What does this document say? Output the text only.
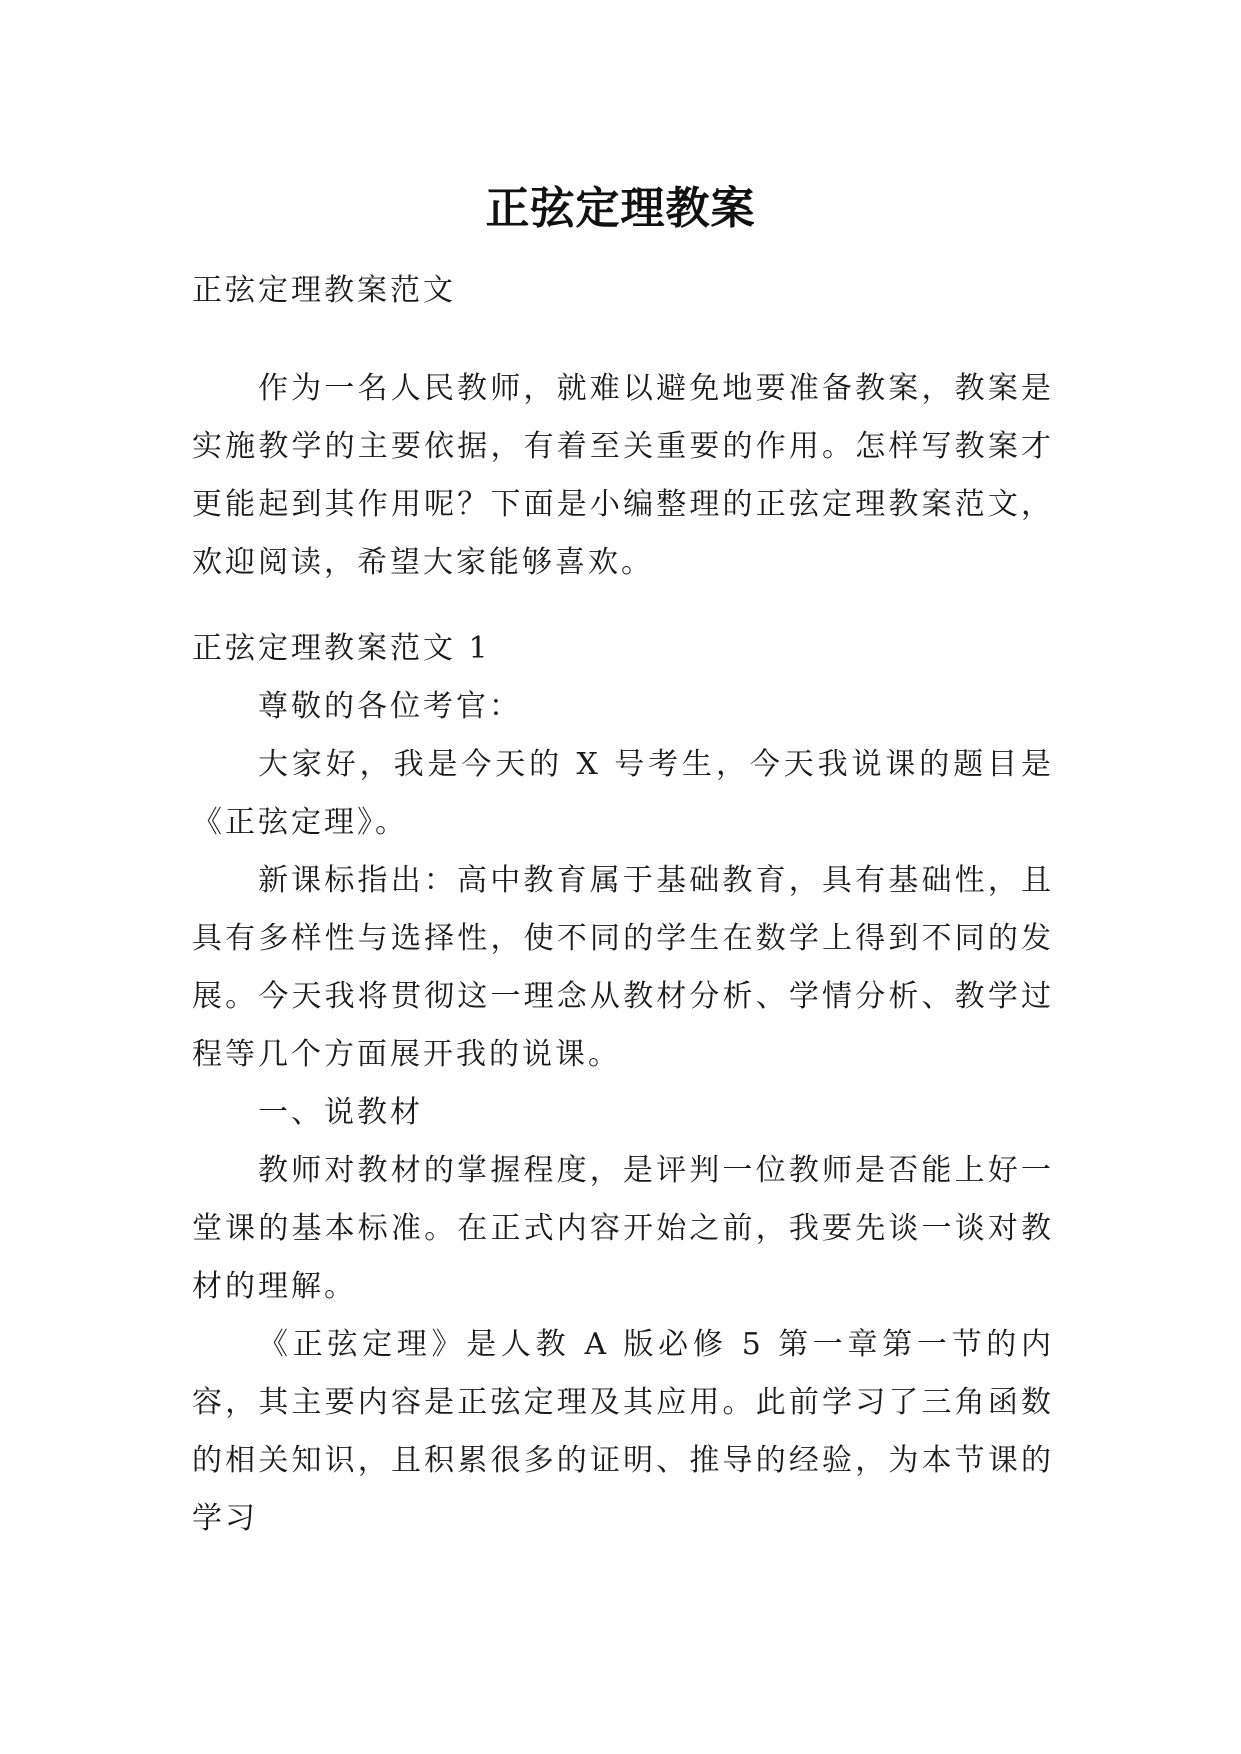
正弦定理教案

正弦定理教案范文

作为一名人民教师，就难以避免地要准备教案，教案是实施教学的主要依据，有着至关重要的作用。怎样写教案才更能起到其作用呢？下面是小编整理的正弦定理教案范文，欢迎阅读，希望大家能够喜欢。

正弦定理教案范文 1

尊敬的各位考官：

大家好，我是今天的 X 号考生，今天我说课的题目是《正弦定理》。

新课标指出：高中教育属于基础教育，具有基础性，且具有多样性与选择性，使不同的学生在数学上得到不同的发展。今天我将贯彻这一理念从教材分析、学情分析、教学过程等几个方面展开我的说课。

一、说教材

教师对教材的掌握程度，是评判一位教师是否能上好一堂课的基本标准。在正式内容开始之前，我要先谈一谈对教材的理解。

《正弦定理》是人教 A 版必修 5 第一章第一节的内容，其主要内容是正弦定理及其应用。此前学习了三角函数的相关知识，且积累很多的证明、推导的经验，为本节课的学习
